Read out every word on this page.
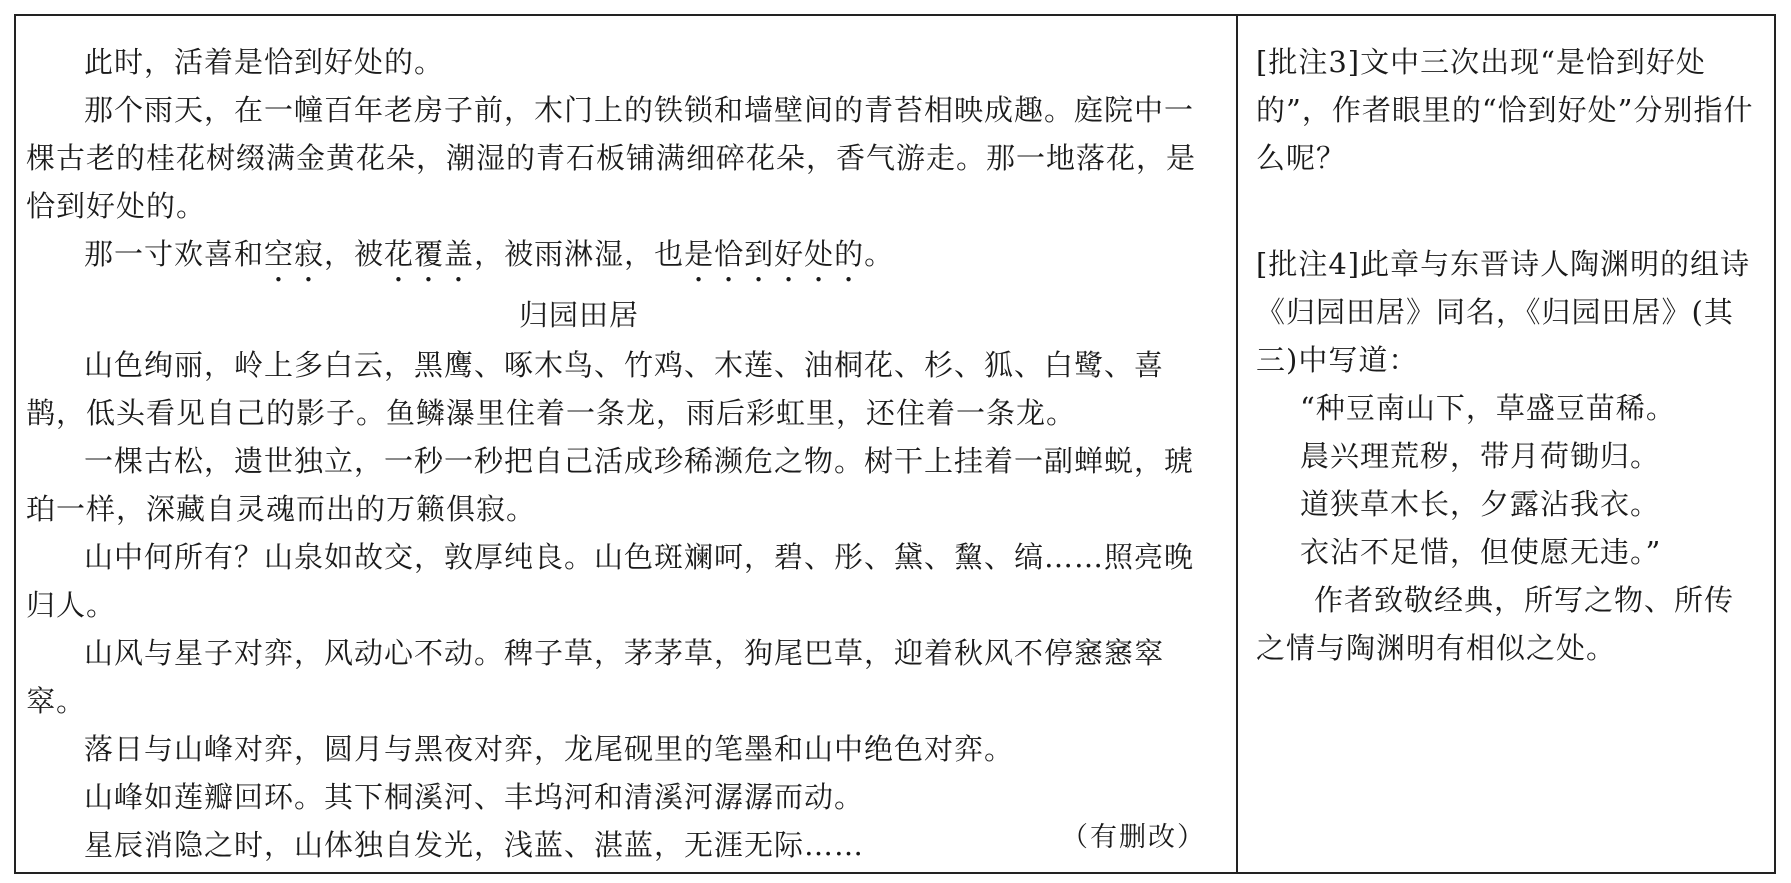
此时，活着是恰到好处的。

那个雨天，在一幢百年老房子前，木门上的铁锁和墙壁间的青苔相映成趣。庭院中一棵古老的桂花树缀满金黄花朵，潮湿的青石板铺满细碎花朵，香气游走。那一地落花，是恰到好处的。

那一寸欢喜和空寂，被花覆盖，被雨淋湿，也是恰到好处的。

归园田居

山色绚丽，岭上多白云，黑鹰、啄木鸟、竹鸡、木莲、油桐花、杉、狐、白鹭、喜鹊，低头看见自己的影子。鱼鳞瀑里住着一条龙，雨后彩虹里，还住着一条龙。

一棵古松，遗世独立，一秒一秒把自己活成珍稀濒危之物。树干上挂着一副蝉蜕，琥珀一样，深藏自灵魂而出的万籁俱寂。

山中何所有？山泉如故交，敦厚纯良。山色斑斓呵，碧、彤、黛、黧、缟……照亮晚归人。

山风与星子对弈，风动心不动。稗子草，茅茅草，狗尾巴草，迎着秋风不停窸窸窣窣。

落日与山峰对弈，圆月与黑夜对弈，龙尾砚里的笔墨和山中绝色对弈。

山峰如莲瓣回环。其下桐溪河、丰坞河和清溪河潺潺而动。

星辰消隐之时，山体独自发光，浅蓝、湛蓝，无涯无际……	（有删改）

[批注3]文中三次出现“是恰到好处的”，作者眼里的“恰到好处”分别指什么呢？

[批注4]此章与东晋诗人陶渊明的组诗《归园田居》同名，《归园田居》(其三)中写道：

“种豆南山下，草盛豆苗稀。

晨兴理荒秽，带月荷锄归。

道狭草木长，夕露沾我衣。

衣沾不足惜，但使愿无违。”

作者致敬经典，所写之物、所传之情与陶渊明有相似之处。
